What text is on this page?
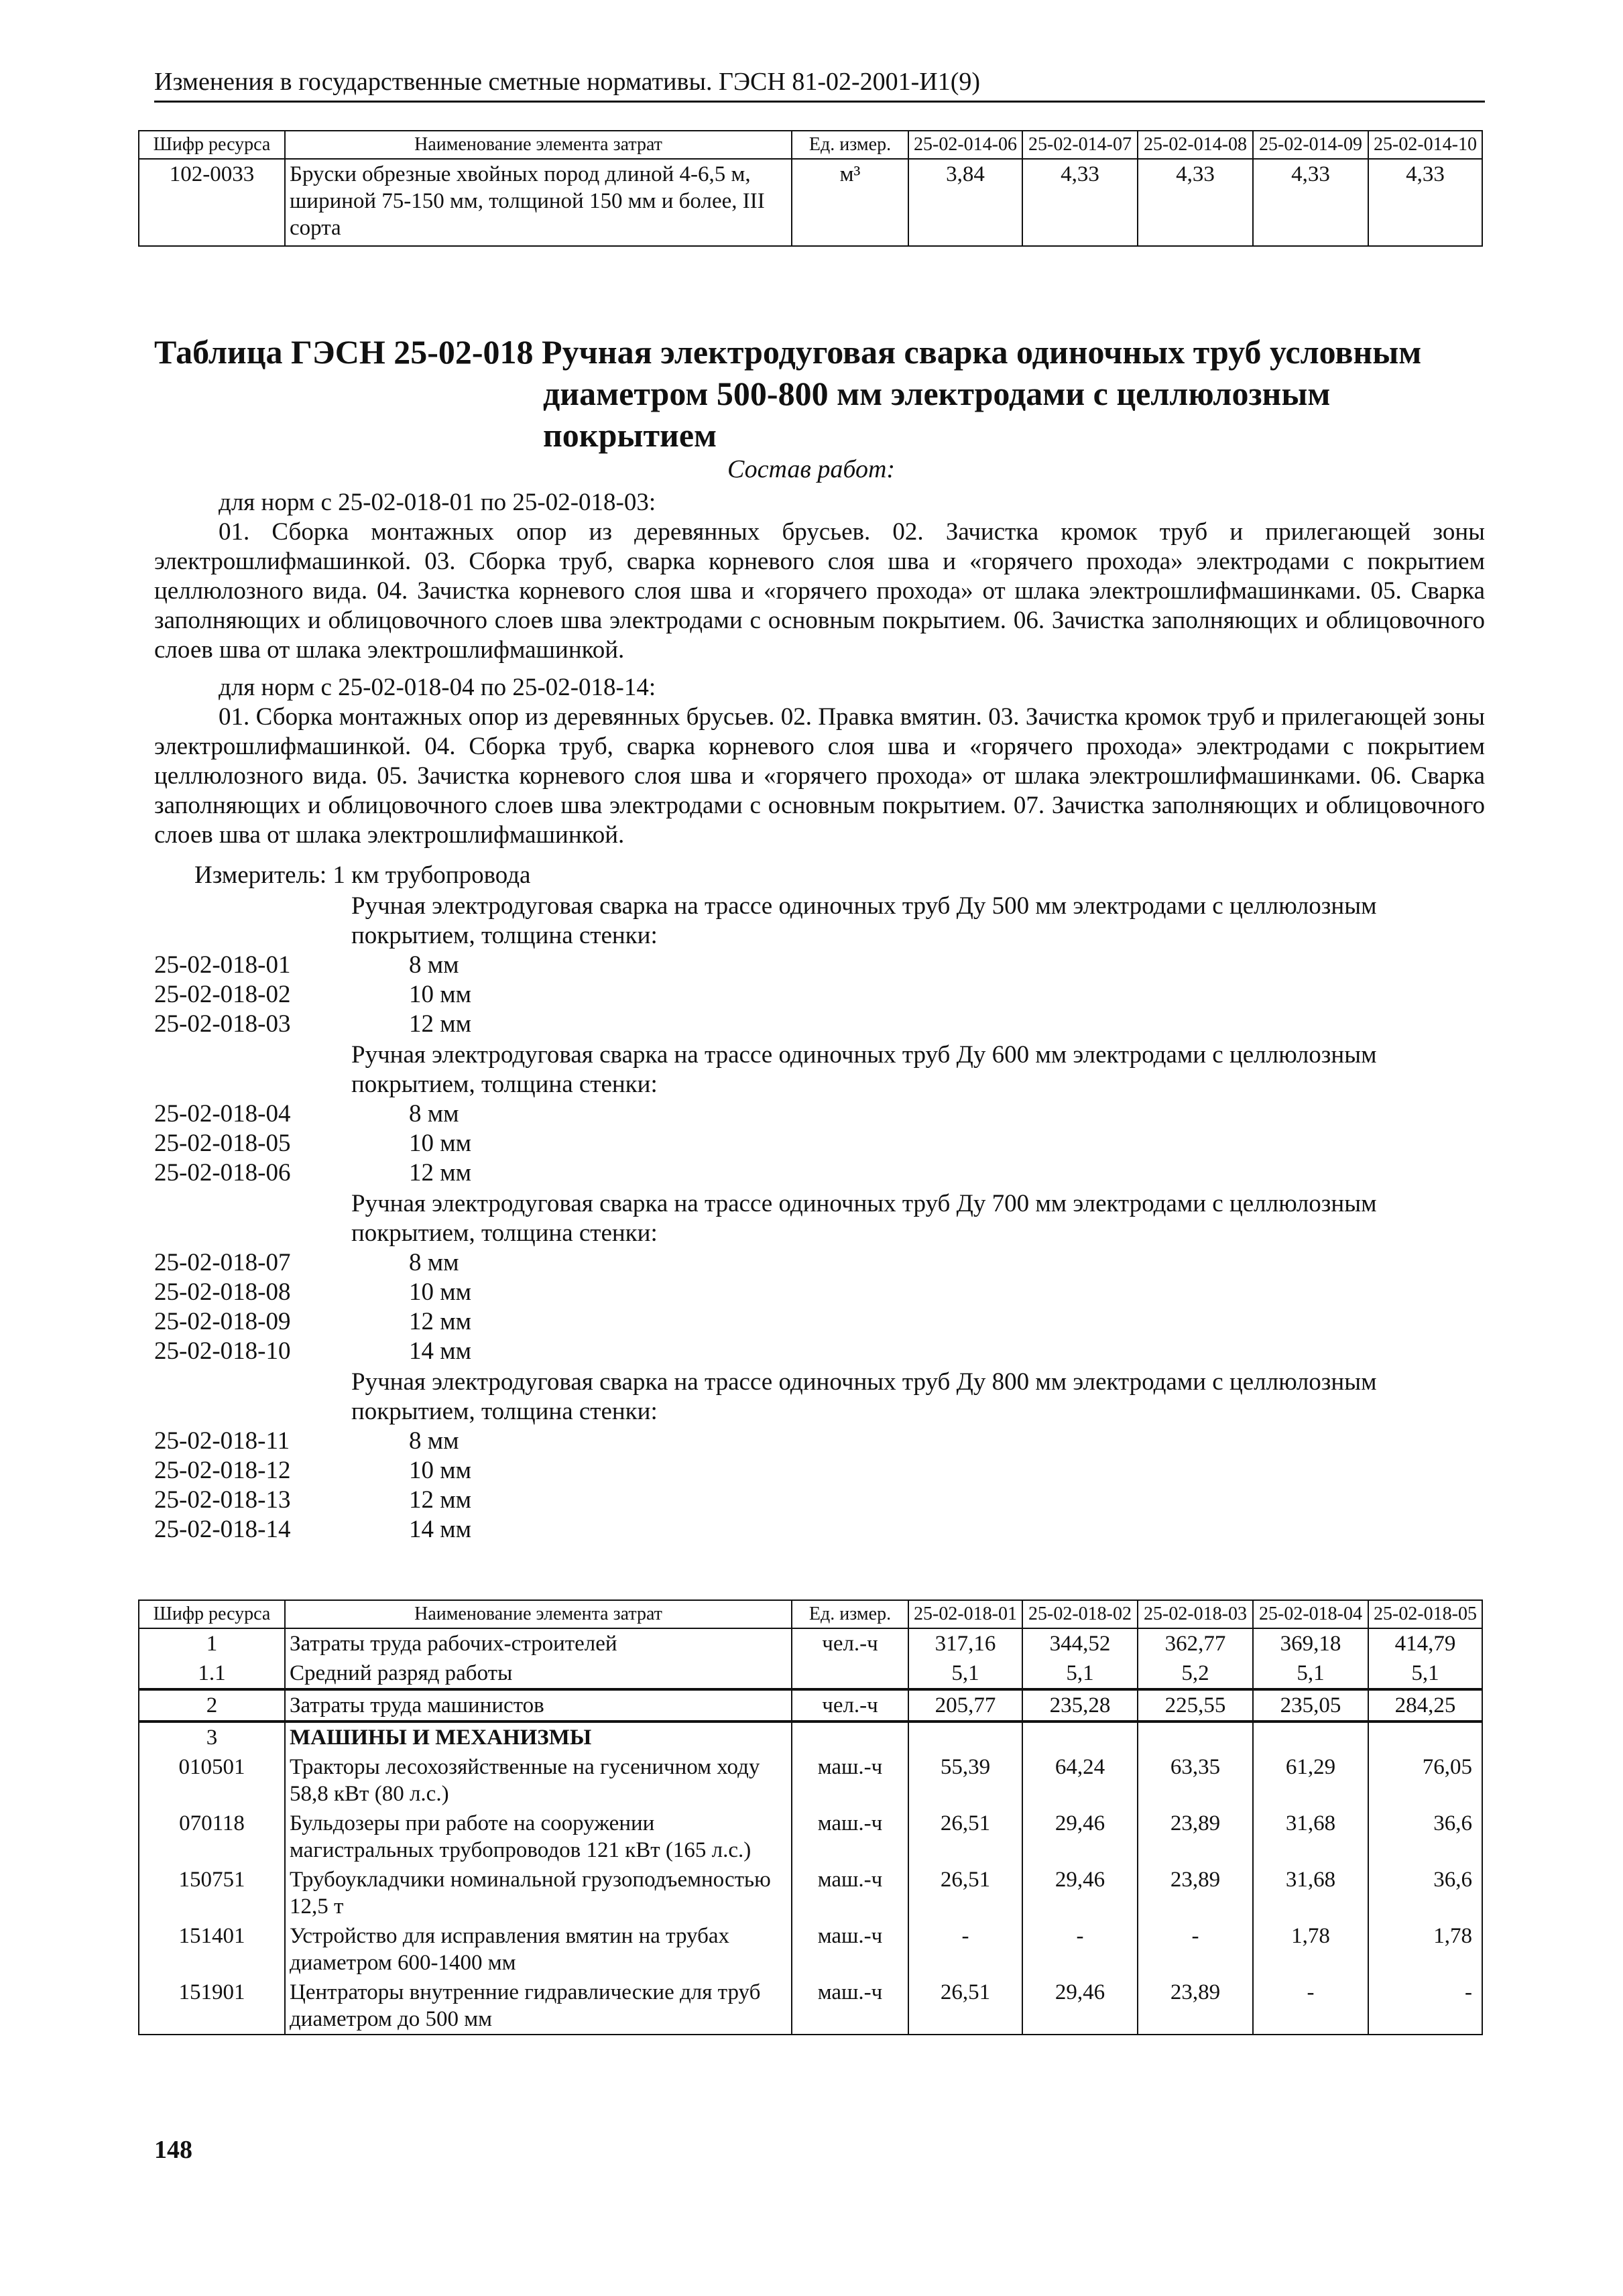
Изменения в государственные сметные нормативы. ГЭСН 81-02-2001-И1(9)
Шифр ресурса	Наименование элемента затрат	Ед. измер.	25-02-014-06	25-02-014-07	25-02-014-08	25-02-014-09	25-02-014-10
102-0033	Бруски обрезные хвойных пород длиной 4-6,5 м, шириной 75-150 мм, толщиной 150 мм и более, III сорта	м³	3,84	4,33	4,33	4,33	4,33
Таблица ГЭСН 25-02-018 Ручная электродуговая сварка одиночных труб условным
диаметром 500-800 мм электродами с целлюлозным покрытием
Состав работ:
для норм с 25-02-018-01 по 25-02-018-03:
01. Сборка монтажных опор из деревянных брусьев. 02. Зачистка кромок труб и прилегающей зоны электрошлифмашинкой. 03. Сборка труб, сварка корневого слоя шва и «горячего прохода» электродами с покрытием целлюлозного вида. 04. Зачистка корневого слоя шва и «горячего прохода» от шлака электрошлифмашинками. 05. Сварка заполняющих и облицовочного слоев шва электродами с основным покрытием. 06. Зачистка заполняющих и облицовочного слоев шва от шлака электрошлифмашинкой.
для норм с 25-02-018-04 по 25-02-018-14:
01. Сборка монтажных опор из деревянных брусьев. 02. Правка вмятин. 03. Зачистка кромок труб и прилегающей зоны электрошлифмашинкой. 04. Сборка труб, сварка корневого слоя шва и «горячего прохода» электродами с покрытием целлюлозного вида. 05. Зачистка корневого слоя шва и «горячего прохода» от шлака электрошлифмашинками. 06. Сварка заполняющих и облицовочного слоев шва электродами с основным покрытием. 07. Зачистка заполняющих и облицовочного слоев шва от шлака электрошлифмашинкой.
Измеритель: 1 км трубопровода
Ручная электродуговая сварка на трассе одиночных труб Ду 500 мм электродами с целлюлозным покрытием, толщина стенки:
25-02-018-01	8 мм
25-02-018-02	10 мм
25-02-018-03	12 мм
Ручная электродуговая сварка на трассе одиночных труб Ду 600 мм электродами с целлюлозным покрытием, толщина стенки:
25-02-018-04	8 мм
25-02-018-05	10 мм
25-02-018-06	12 мм
Ручная электродуговая сварка на трассе одиночных труб Ду 700 мм электродами с целлюлозным покрытием, толщина стенки:
25-02-018-07	8 мм
25-02-018-08	10 мм
25-02-018-09	12 мм
25-02-018-10	14 мм
Ручная электродуговая сварка на трассе одиночных труб Ду 800 мм электродами с целлюлозным покрытием, толщина стенки:
25-02-018-11	8 мм
25-02-018-12	10 мм
25-02-018-13	12 мм
25-02-018-14	14 мм
Шифр ресурса	Наименование элемента затрат	Ед. измер.	25-02-018-01	25-02-018-02	25-02-018-03	25-02-018-04	25-02-018-05
1	Затраты труда рабочих-строителей	чел.-ч	317,16	344,52	362,77	369,18	414,79
1.1	Средний разряд работы		5,1	5,1	5,2	5,1	5,1
2	Затраты труда машинистов	чел.-ч	205,77	235,28	225,55	235,05	284,25
3	МАШИНЫ И МЕХАНИЗМЫ						
010501	Тракторы лесохозяйственные на гусеничном ходу 58,8 кВт (80 л.с.)	маш.-ч	55,39	64,24	63,35	61,29	76,05
070118	Бульдозеры при работе на сооружении магистральных трубопроводов 121 кВт (165 л.с.)	маш.-ч	26,51	29,46	23,89	31,68	36,6
150751	Трубоукладчики номинальной грузоподъемностью 12,5 т	маш.-ч	26,51	29,46	23,89	31,68	36,6
151401	Устройство для исправления вмятин на трубах диаметром 600-1400 мм	маш.-ч	-	-	-	1,78	1,78
151901	Центраторы внутренние гидравлические для труб диаметром до 500 мм	маш.-ч	26,51	29,46	23,89	-	-
148
